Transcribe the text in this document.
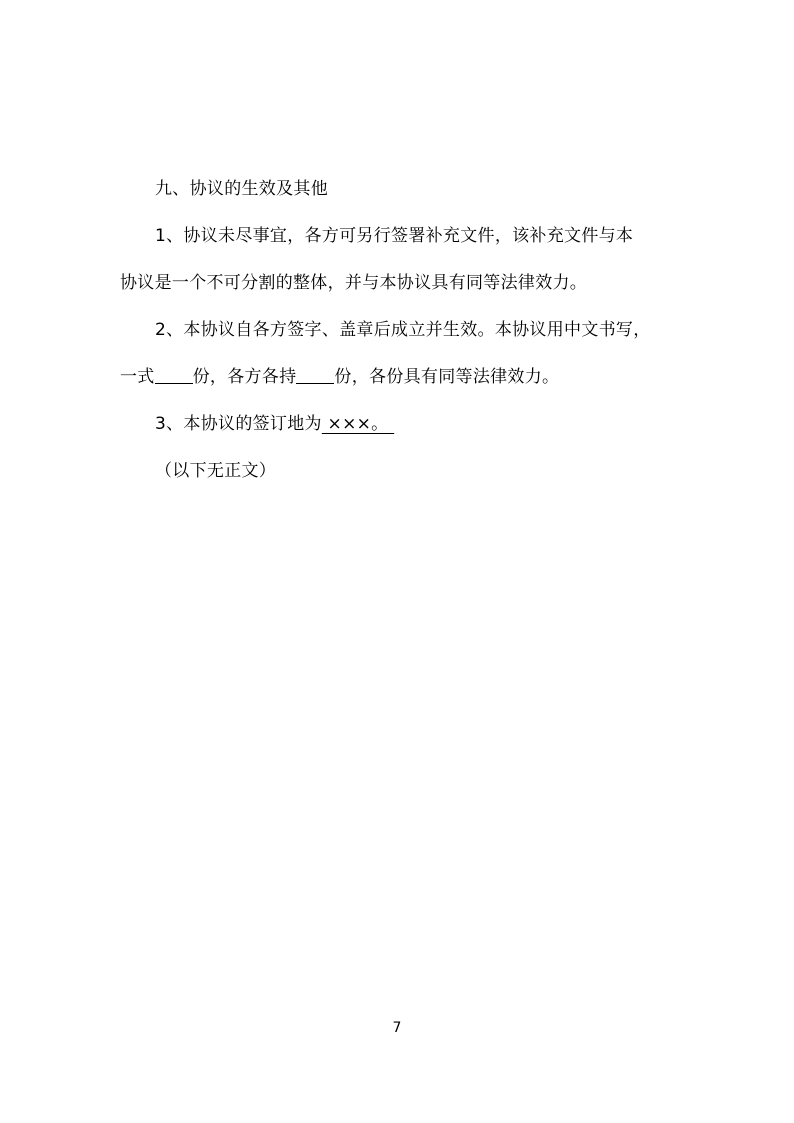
九、协议的生效及其他

1、协议未尽事宜，各方可另行签署补充文件，该补充文件与本
协议是一个不可分割的整体，并与本协议具有同等法律效力。
2、本协议自各方签字、盖章后成立并生效。本协议用中文书写，
一式 份，各方各持 份，各份具有同等法律效力。

3、本协议的签订地为 ×××。

（以下无正文）

7
